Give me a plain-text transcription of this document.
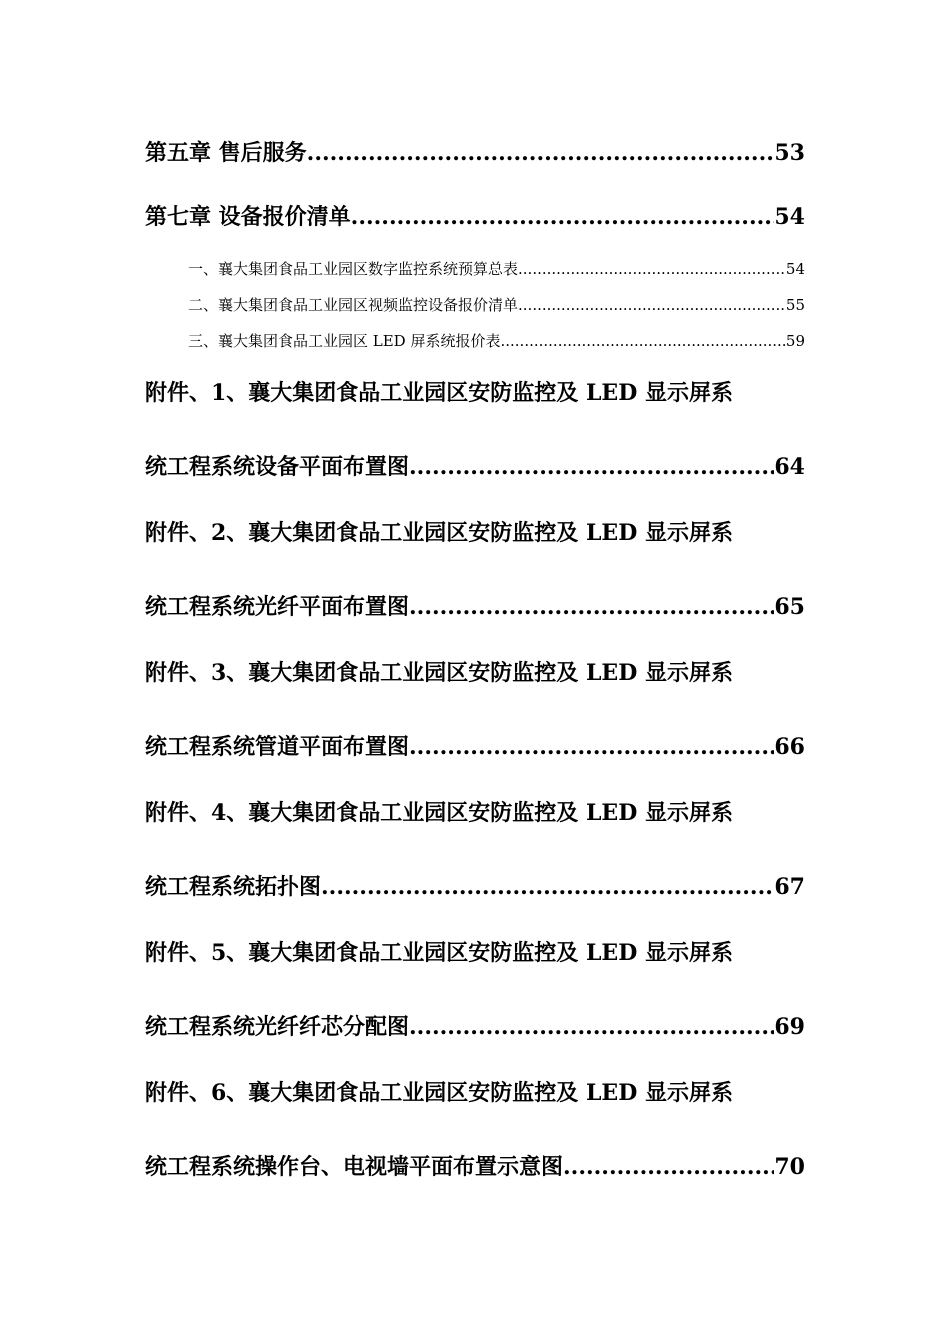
第五章 售后服务 .....	53
第七章 设备报价清单 .....	54
一、襄大集团食品工业园区数字监控系统预算总表 .....	54
二、襄大集团食品工业园区视频监控设备报价清单 .....	55
三、襄大集团食品工业园区 LED 屏系统报价表 .....	59
附件、1、襄大集团食品工业园区安防监控及 LED 显示屏系
统工程系统设备平面布置图 .....	64
附件、2、襄大集团食品工业园区安防监控及 LED 显示屏系
统工程系统光纤平面布置图 .....	65
附件、3、襄大集团食品工业园区安防监控及 LED 显示屏系
统工程系统管道平面布置图 .....	66
附件、4、襄大集团食品工业园区安防监控及 LED 显示屏系
统工程系统拓扑图 .....	67
附件、5、襄大集团食品工业园区安防监控及 LED 显示屏系
统工程系统光纤纤芯分配图 .....	69
附件、6、襄大集团食品工业园区安防监控及 LED 显示屏系
统工程系统操作台、电视墙平面布置示意图 .....	70
